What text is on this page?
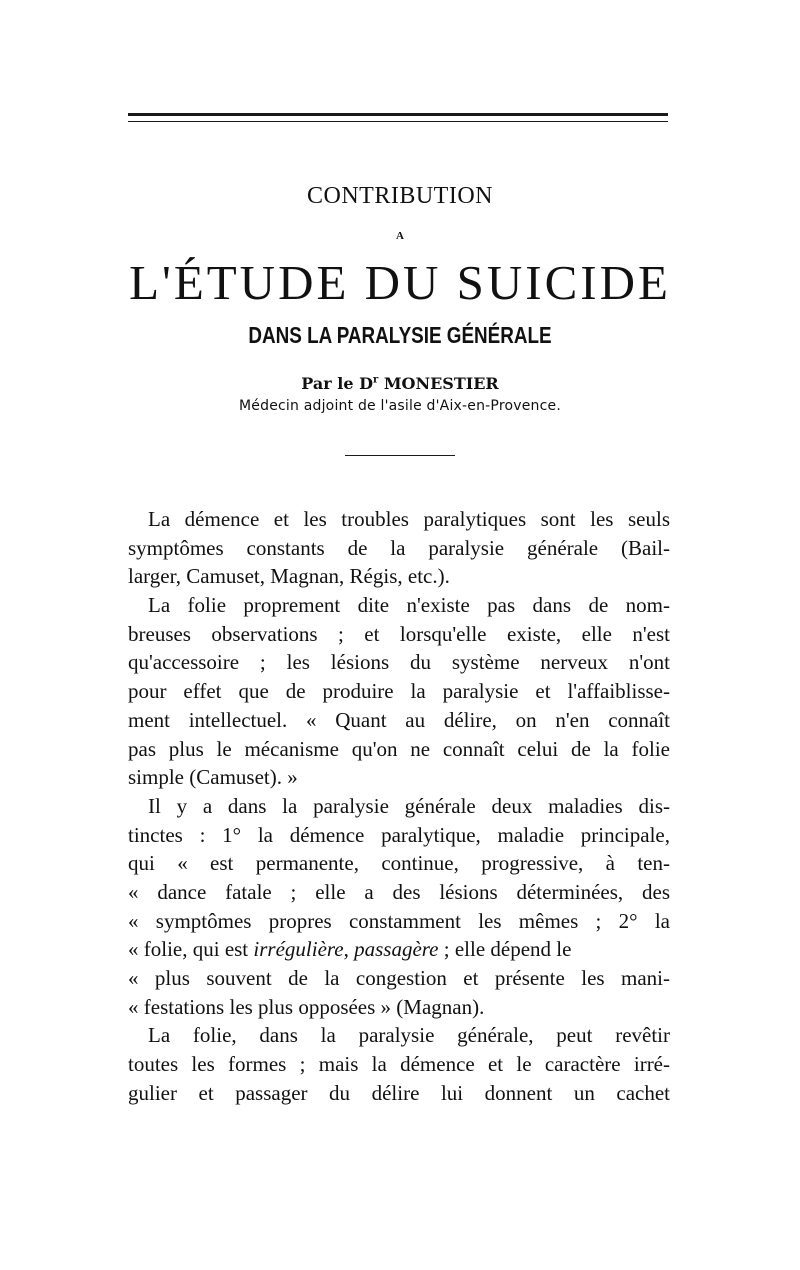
CONTRIBUTION
A
L'ÉTUDE DU SUICIDE
DANS LA PARALYSIE GÉNÉRALE
Par le $D^r$ MONESTIER
Médecin adjoint de l'asile d'Aix-en-Provence.
La démence et les troubles paralytiques sont les seuls
symptômes constants de la paralysie générale (Bail-
larger, Camuset, Magnan, Régis, etc.).
La folie proprement dite n'existe pas dans de nom-
breuses observations ; et lorsqu'elle existe, elle n'est
qu'accessoire ; les lésions du système nerveux n'ont
pour effet que de produire la paralysie et l'affaiblisse-
ment intellectuel. « Quant au délire, on n'en connaît
pas plus le mécanisme qu'on ne connaît celui de la folie
simple (Camuset). »
Il y a dans la paralysie générale deux maladies dis-
tinctes : 1° la démence paralytique, maladie principale,
qui « est permanente, continue, progressive, à ten-
« dance fatale ; elle a des lésions déterminées, des
« symptômes propres constamment les mêmes ; 2° la
« folie, qui est irrégulière, passagère ; elle dépend le
« plus souvent de la congestion et présente les mani-
« festations les plus opposées » (Magnan).
La folie, dans la paralysie générale, peut revêtir
toutes les formes ; mais la démence et le caractère irré-
gulier et passager du délire lui donnent un cachet
